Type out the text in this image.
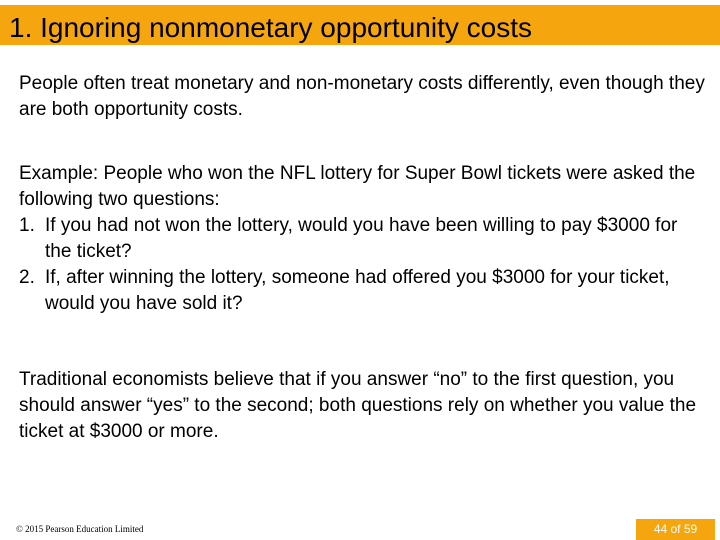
1. Ignoring nonmonetary opportunity costs
People often treat monetary and non-monetary costs differently, even though they are both opportunity costs.
Example: People who won the NFL lottery for Super Bowl tickets were asked the following two questions:
1. If you had not won the lottery, would you have been willing to pay $3000 for the ticket?
2. If, after winning the lottery, someone had offered you $3000 for your ticket, would you have sold it?
Traditional economists believe that if you answer “no” to the first question, you should answer “yes” to the second; both questions rely on whether you value the ticket at $3000 or more.
© 2015 Pearson Education Limited	44 of 59
